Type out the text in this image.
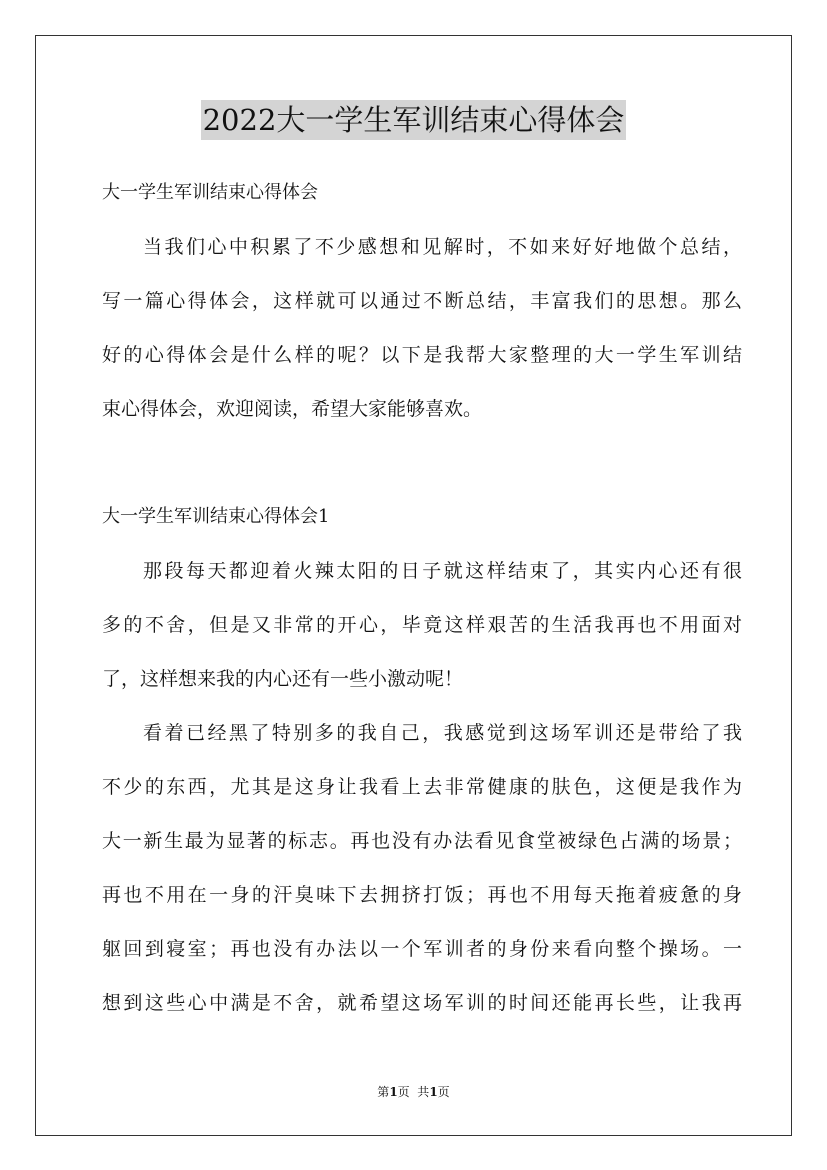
2022大一学生军训结束心得体会
大一学生军训结束心得体会
当我们心中积累了不少感想和见解时，不如来好好地做个总结，
写一篇心得体会，这样就可以通过不断总结，丰富我们的思想。那么
好的心得体会是什么样的呢？以下是我帮大家整理的大一学生军训结
束心得体会，欢迎阅读，希望大家能够喜欢。
大一学生军训结束心得体会1
那段每天都迎着火辣太阳的日子就这样结束了，其实内心还有很
多的不舍，但是又非常的开心，毕竟这样艰苦的生活我再也不用面对
了，这样想来我的内心还有一些小激动呢！
看着已经黑了特别多的我自己，我感觉到这场军训还是带给了我
不少的东西，尤其是这身让我看上去非常健康的肤色，这便是我作为
大一新生最为显著的标志。再也没有办法看见食堂被绿色占满的场景；
再也不用在一身的汗臭味下去拥挤打饭；再也不用每天拖着疲惫的身
躯回到寝室；再也没有办法以一个军训者的身份来看向整个操场。一
想到这些心中满是不舍，就希望这场军训的时间还能再长些，让我再
第1页  共1页
